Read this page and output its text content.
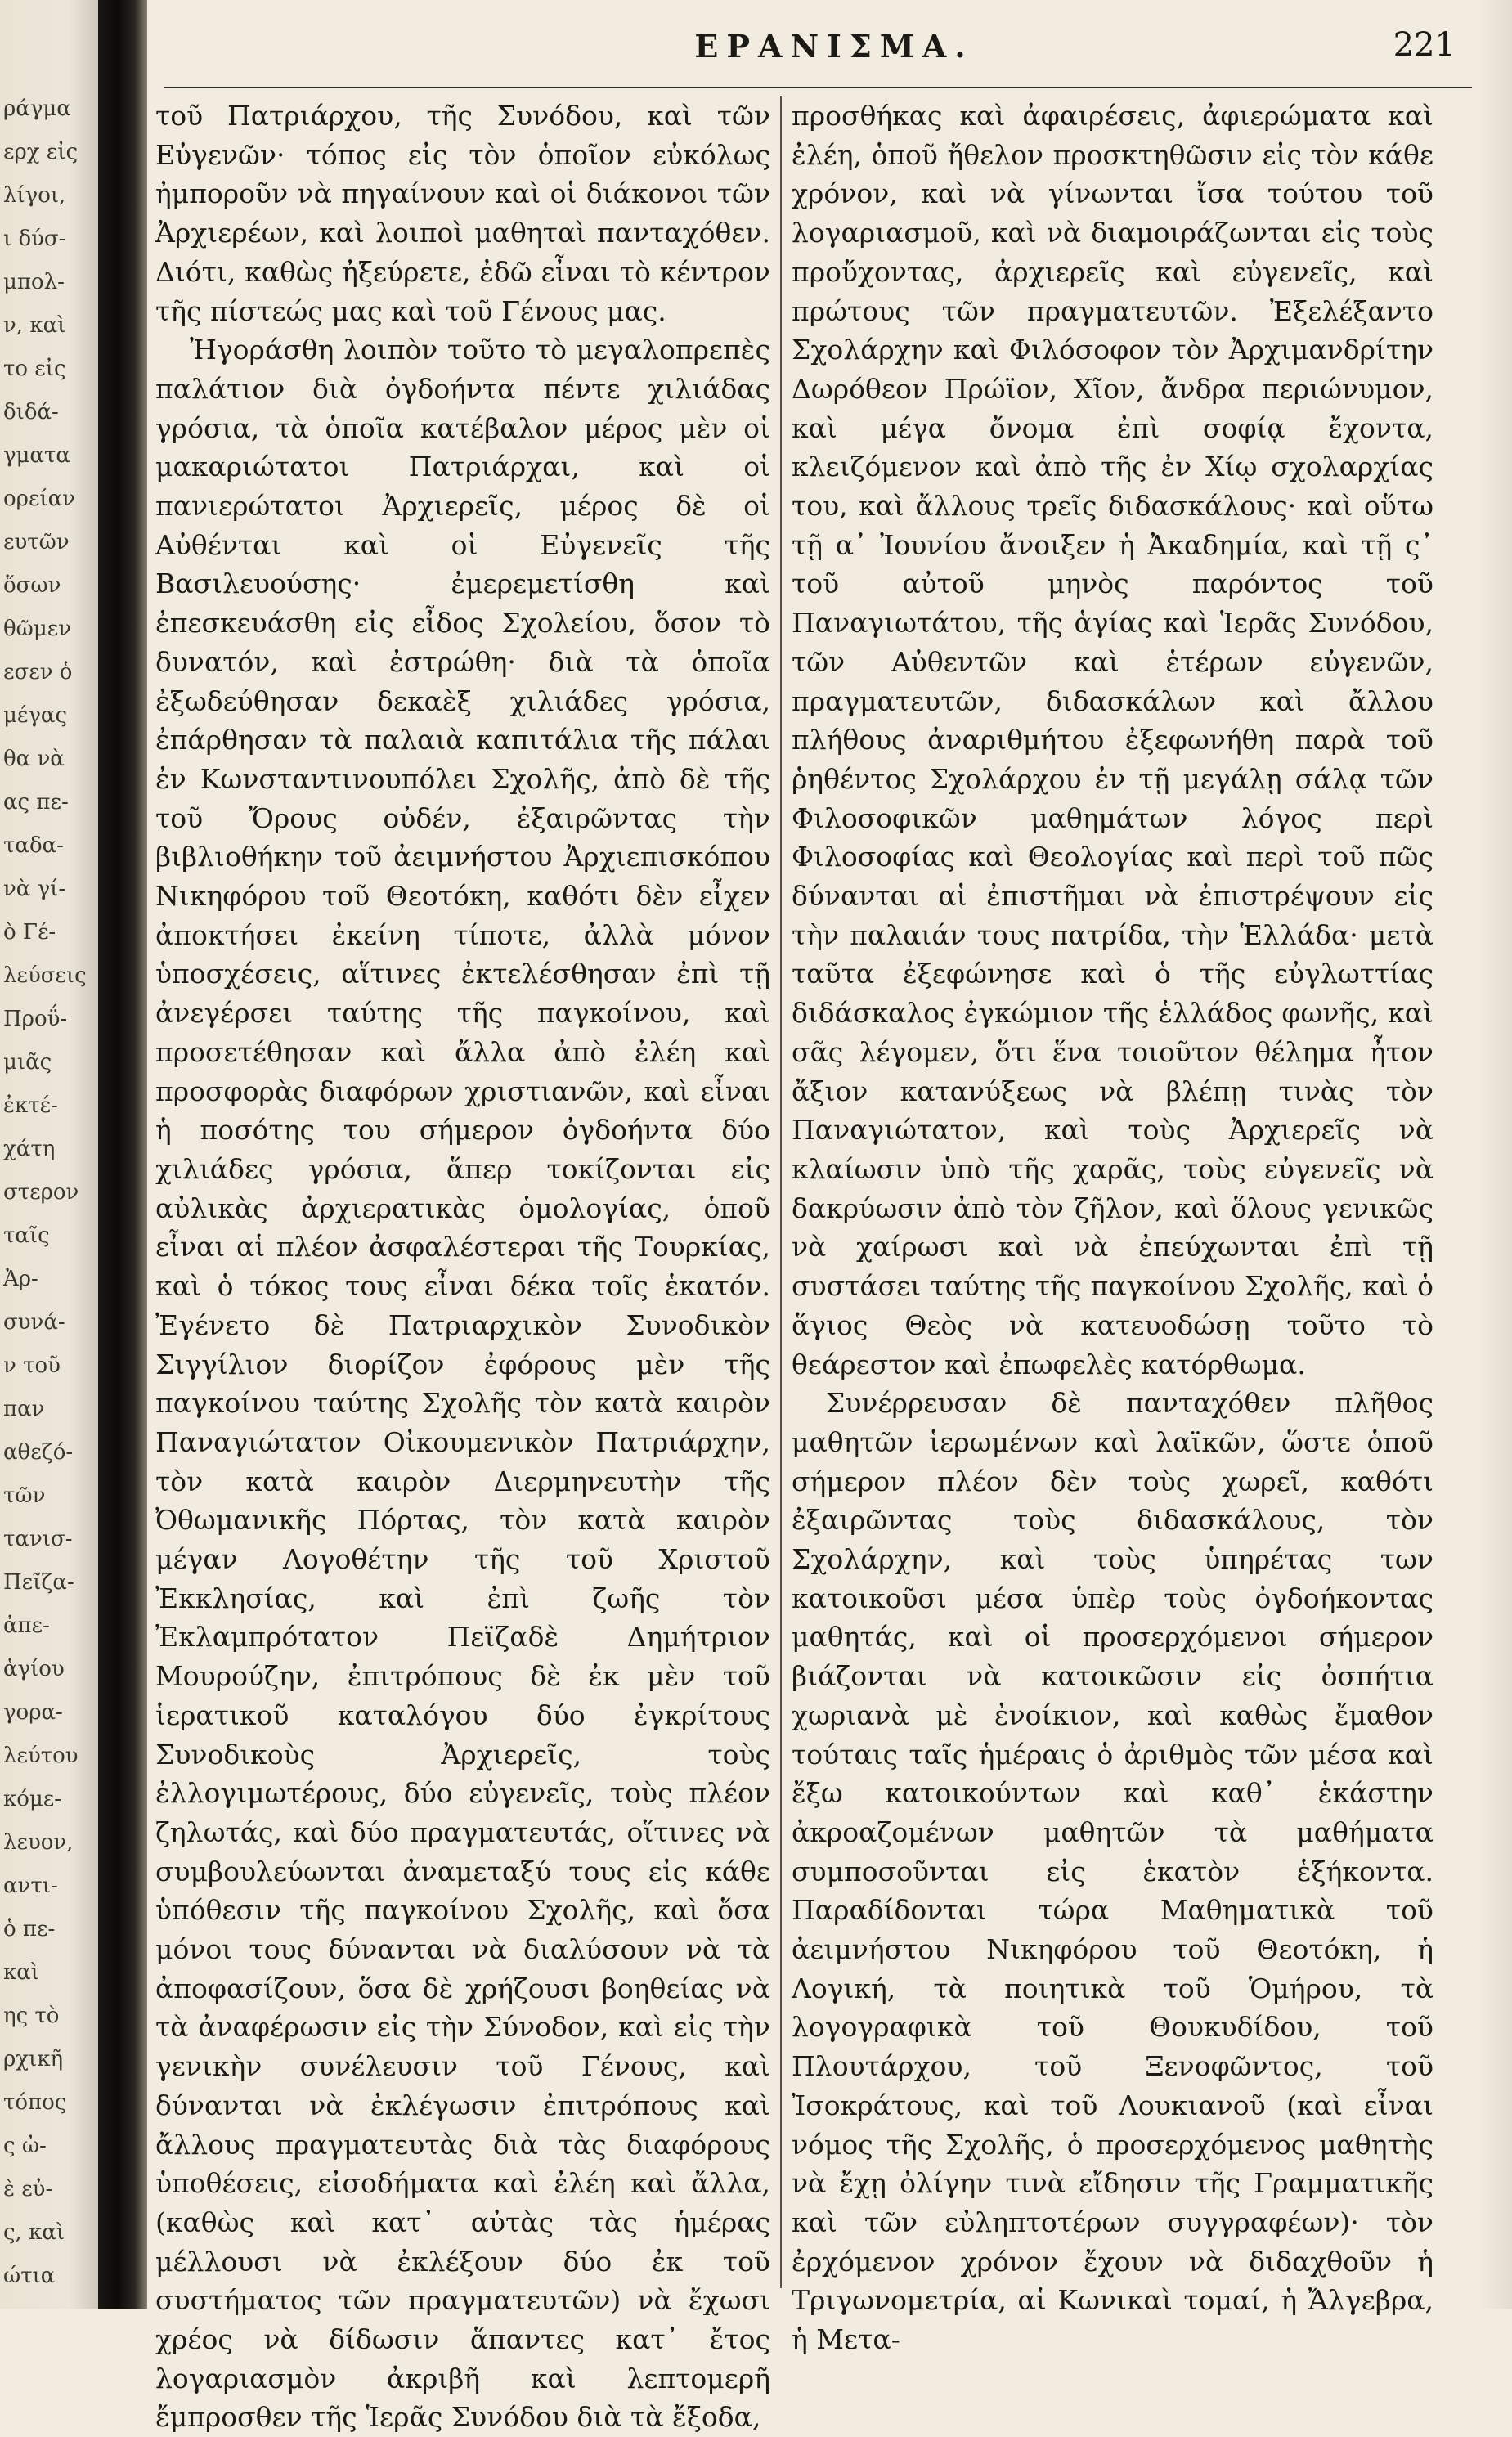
ράγμα
ερχ εἰς
λίγοι,
ι δύσ-
μπολ-
ν, καὶ
το εἰς
διδά-
γματα
ορείαν
ευτῶν
ὅσων
θῶμεν
εσεν ὁ
μέγας
θα νὰ
ας πε-
ταδα-
νὰ γί-
ὸ Γέ-
λεύσεις
Προΰ-
μιᾶς
ἐκτέ-
χάτη
στερον
ταῖς
Ἀρ-
συνά-
ν τοῦ
παν
αθεζό-
τῶν
τανισ-
Πεῖζα-
ἀπε-
ἁγίου
γορα-
λεύτου
κόμε-
λευον,
αντι-
ὁ πε-
καὶ
ης τὸ
ρχικῆ
τόπος
ς ὠ-
ὲ εὐ-
ς, καὶ
ώτια
ΕΡΑΝΙΣΜΑ.	221

τοῦ Πατριάρχου, τῆς Συνόδου, καὶ τῶν Εὐγενῶν· τόπος εἰς τὸν ὁποῖον εὐκόλως ἠμποροῦν νὰ πηγαίνουν καὶ οἱ διάκονοι τῶν Ἀρχιερέων, καὶ λοιποὶ μαθηταὶ πανταχόθεν. Διότι, καθὼς ἠξεύρετε, ἐδῶ εἶναι τὸ κέντρον τῆς πίστεώς μας καὶ τοῦ Γένους μας.

Ἠγοράσθη λοιπὸν τοῦτο τὸ μεγαλοπρεπὲς παλάτιον διὰ ὀγδοήντα πέντε χιλιάδας γρόσια, τὰ ὁποῖα κατέβαλον μέρος μὲν οἱ μακαριώτατοι Πατριάρχαι, καὶ οἱ πανιερώτατοι Ἀρχιερεῖς, μέρος δὲ οἱ Αὐθένται καὶ οἱ Εὐγενεῖς τῆς Βασιλευούσης· ἐμερεμετίσθη καὶ ἐπεσκευάσθη εἰς εἶδος Σχολείου, ὅσον τὸ δυνατόν, καὶ ἐστρώθη· διὰ τὰ ὁποῖα ἐξωδεύθησαν δεκαὲξ χιλιάδες γρόσια, ἐπάρθησαν τὰ παλαιὰ καπιτάλια τῆς πάλαι ἐν Κωνσταντινουπόλει Σχολῆς, ἀπὸ δὲ τῆς τοῦ Ὄρους οὐδέν, ἐξαιρῶντας τὴν βιβλιοθήκην τοῦ ἀειμνήστου Ἀρχιεπισκόπου Νικηφόρου τοῦ Θεοτόκη, καθότι δὲν εἶχεν ἀποκτήσει ἐκείνη τίποτε, ἀλλὰ μόνον ὑποσχέσεις, αἵτινες ἐκτελέσθησαν ἐπὶ τῇ ἀνεγέρσει ταύτης τῆς παγκοίνου, καὶ προσετέθησαν καὶ ἄλλα ἀπὸ ἐλέη καὶ προσφορὰς διαφόρων χριστιανῶν, καὶ εἶναι ἡ ποσότης του σήμερον ὀγδοήντα δύο χιλιάδες γρόσια, ἅπερ τοκίζονται εἰς αὐλικὰς ἀρχιερατικὰς ὁμολογίας, ὁποῦ εἶναι αἱ πλέον ἀσφαλέστεραι τῆς Τουρκίας, καὶ ὁ τόκος τους εἶναι δέκα τοῖς ἑκατόν. Ἐγένετο δὲ Πατριαρχικὸν Συνοδικὸν Σιγγίλιον διορίζον ἐφόρους μὲν τῆς παγκοίνου ταύτης Σχολῆς τὸν κατὰ καιρὸν Παναγιώτατον Οἰκουμενικὸν Πατριάρχην, τὸν κατὰ καιρὸν Διερμηνευτὴν τῆς Ὀθωμανικῆς Πόρτας, τὸν κατὰ καιρὸν μέγαν Λογοθέτην τῆς τοῦ Χριστοῦ Ἐκκλησίας, καὶ ἐπὶ ζωῆς τὸν Ἐκλαμπρότατον Πεϊζαδὲ Δημήτριον Μουρούζην, ἐπιτρόπους δὲ ἐκ μὲν τοῦ ἱερατικοῦ καταλόγου δύο ἐγκρίτους Συνοδικοὺς Ἀρχιερεῖς, τοὺς ἐλλογιμωτέρους, δύο εὐγενεῖς, τοὺς πλέον ζηλωτάς, καὶ δύο πραγματευτάς, οἵτινες νὰ συμβουλεύωνται ἀναμεταξύ τους εἰς κάθε ὑπόθεσιν τῆς παγκοίνου Σχολῆς, καὶ ὅσα μόνοι τους δύνανται νὰ διαλύσουν νὰ τὰ ἀποφασίζουν, ὅσα δὲ χρήζουσι βοηθείας νὰ τὰ ἀναφέρωσιν εἰς τὴν Σύνοδον, καὶ εἰς τὴν γενικὴν συνέλευσιν τοῦ Γένους, καὶ δύνανται νὰ ἐκλέγωσιν ἐπιτρόπους καὶ ἄλλους πραγματευτὰς διὰ τὰς διαφόρους ὑποθέσεις, εἰσοδήματα καὶ ἐλέη καὶ ἄλλα, (καθὼς καὶ κατ᾽ αὐτὰς τὰς ἡμέρας μέλλουσι νὰ ἐκλέξουν δύο ἐκ τοῦ συστήματος τῶν πραγματευτῶν) νὰ ἔχωσι χρέος νὰ δίδωσιν ἅπαντες κατ᾽ ἔτος λογαριασμὸν ἀκριβῆ καὶ λεπτομερῆ ἔμπροσθεν τῆς Ἱερᾶς Συνόδου διὰ τὰ ἔξοδα,

προσθήκας καὶ ἀφαιρέσεις, ἀφιερώματα καὶ ἐλέη, ὁποῦ ἤθελον προσκτηθῶσιν εἰς τὸν κάθε χρόνον, καὶ νὰ γίνωνται ἴσα τούτου τοῦ λογαριασμοῦ, καὶ νὰ διαμοιράζωνται εἰς τοὺς προὔχοντας, ἀρχιερεῖς καὶ εὐγενεῖς, καὶ πρώτους τῶν πραγματευτῶν. Ἐξελέξαντο Σχολάρχην καὶ Φιλόσοφον τὸν Ἀρχιμανδρίτην Δωρόθεον Πρώϊον, Χῖον, ἄνδρα περιώνυμον, καὶ μέγα ὄνομα ἐπὶ σοφίᾳ ἔχοντα, κλειζόμενον καὶ ἀπὸ τῆς ἐν Χίῳ σχολαρχίας του, καὶ ἄλλους τρεῖς διδασκάλους· καὶ οὕτω τῇ α᾽ Ἰουνίου ἄνοιξεν ἡ Ἀκαδημία, καὶ τῇ ς᾽ τοῦ αὐτοῦ μηνὸς παρόντος τοῦ Παναγιωτάτου, τῆς ἁγίας καὶ Ἱερᾶς Συνόδου, τῶν Αὐθεντῶν καὶ ἑτέρων εὐγενῶν, πραγματευτῶν, διδασκάλων καὶ ἄλλου πλήθους ἀναριθμήτου ἐξεφωνήθη παρὰ τοῦ ῥηθέντος Σχολάρχου ἐν τῇ μεγάλῃ σάλᾳ τῶν Φιλοσοφικῶν μαθημάτων λόγος περὶ Φιλοσοφίας καὶ Θεολογίας καὶ περὶ τοῦ πῶς δύνανται αἱ ἐπιστῆμαι νὰ ἐπιστρέψουν εἰς τὴν παλαιάν τους πατρίδα, τὴν Ἑλλάδα· μετὰ ταῦτα ἐξεφώνησε καὶ ὁ τῆς εὐγλωττίας διδάσκαλος ἐγκώμιον τῆς ἑλλάδος φωνῆς, καὶ σᾶς λέγομεν, ὅτι ἕνα τοιοῦτον θέλημα ἦτον ἄξιον κατανύξεως νὰ βλέπῃ τινὰς τὸν Παναγιώτατον, καὶ τοὺς Ἀρχιερεῖς νὰ κλαίωσιν ὑπὸ τῆς χαρᾶς, τοὺς εὐγενεῖς νὰ δακρύωσιν ἀπὸ τὸν ζῆλον, καὶ ὅλους γενικῶς νὰ χαίρωσι καὶ νὰ ἐπεύχωνται ἐπὶ τῇ συστάσει ταύτης τῆς παγκοίνου Σχολῆς, καὶ ὁ ἅγιος Θεὸς νὰ κατευοδώσῃ τοῦτο τὸ θεάρεστον καὶ ἐπωφελὲς κατόρθωμα.

Συνέρρευσαν δὲ πανταχόθεν πλῆθος μαθητῶν ἱερωμένων καὶ λαϊκῶν, ὥστε ὁποῦ σήμερον πλέον δὲν τοὺς χωρεῖ, καθότι ἐξαιρῶντας τοὺς διδασκάλους, τὸν Σχολάρχην, καὶ τοὺς ὑπηρέτας των κατοικοῦσι μέσα ὑπὲρ τοὺς ὀγδοήκοντας μαθητάς, καὶ οἱ προσερχόμενοι σήμερον βιάζονται νὰ κατοικῶσιν εἰς ὀσπήτια χωριανὰ μὲ ἐνοίκιον, καὶ καθὼς ἔμαθον τούταις ταῖς ἡμέραις ὁ ἀριθμὸς τῶν μέσα καὶ ἔξω κατοικούντων καὶ καθ᾽ ἑκάστην ἀκροαζομένων μαθητῶν τὰ μαθήματα συμποσοῦνται εἰς ἑκατὸν ἑξήκοντα. Παραδίδονται τώρα Μαθηματικὰ τοῦ ἀειμνήστου Νικηφόρου τοῦ Θεοτόκη, ἡ Λογική, τὰ ποιητικὰ τοῦ Ὁμήρου, τὰ λογογραφικὰ τοῦ Θουκυδίδου, τοῦ Πλουτάρχου, τοῦ Ξενοφῶντος, τοῦ Ἰσοκράτους, καὶ τοῦ Λουκιανοῦ (καὶ εἶναι νόμος τῆς Σχολῆς, ὁ προσερχόμενος μαθητὴς νὰ ἔχῃ ὀλίγην τινὰ εἴδησιν τῆς Γραμματικῆς καὶ τῶν εὐληπτοτέρων συγγραφέων)· τὸν ἐρχόμενον χρόνον ἔχουν νὰ διδαχθοῦν ἡ Τριγωνομετρία, αἱ Κωνικαὶ τομαί, ἡ Ἄλγεβρα, ἡ Μετα-
